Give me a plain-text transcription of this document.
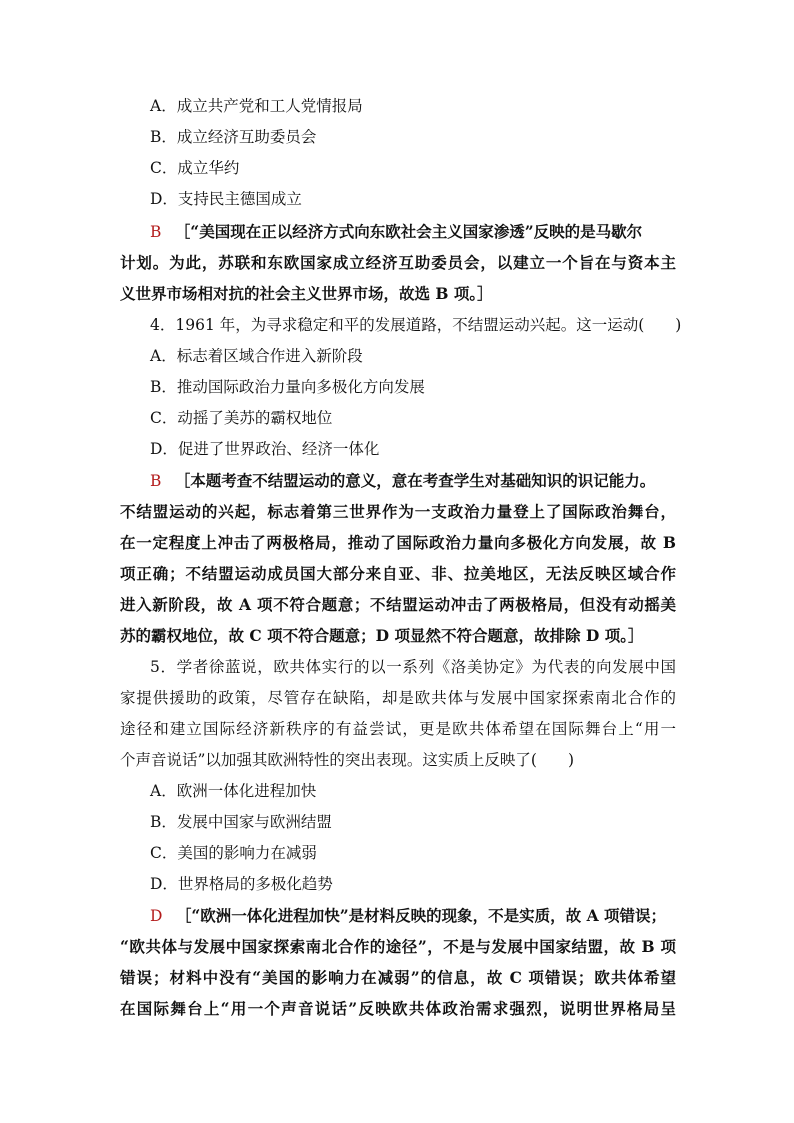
A．成立共产党和工人党情报局
B．成立经济互助委员会
C．成立华约
D．支持民主德国成立
B ［“美国现在正以经济方式向东欧社会主义国家渗透”反映的是马歇尔
计划。为此，苏联和东欧国家成立经济互助委员会，以建立一个旨在与资本主
义世界市场相对抗的社会主义世界市场，故选 B 项。］
4．1961 年，为寻求稳定和平的发展道路，不结盟运动兴起。这一运动(　　)
A．标志着区域合作进入新阶段
B．推动国际政治力量向多极化方向发展
C．动摇了美苏的霸权地位
D．促进了世界政治、经济一体化
B ［本题考查不结盟运动的意义，意在考查学生对基础知识的识记能力。
不结盟运动的兴起，标志着第三世界作为一支政治力量登上了国际政治舞台，
在一定程度上冲击了两极格局，推动了国际政治力量向多极化方向发展，故 B
项正确；不结盟运动成员国大部分来自亚、非、拉美地区，无法反映区域合作
进入新阶段，故 A 项不符合题意；不结盟运动冲击了两极格局，但没有动摇美
苏的霸权地位，故 C 项不符合题意；D 项显然不符合题意，故排除 D 项。］
5．学者徐蓝说，欧共体实行的以一系列《洛美协定》为代表的向发展中国
家提供援助的政策，尽管存在缺陷，却是欧共体与发展中国家探索南北合作的
途径和建立国际经济新秩序的有益尝试，更是欧共体希望在国际舞台上“用一
个声音说话”以加强其欧洲特性的突出表现。这实质上反映了(　　)
A．欧洲一体化进程加快
B．发展中国家与欧洲结盟
C．美国的影响力在减弱
D．世界格局的多极化趋势
D ［“欧洲一体化进程加快”是材料反映的现象，不是实质，故 A 项错误；
“欧共体与发展中国家探索南北合作的途径”，不是与发展中国家结盟，故 B 项
错误；材料中没有“美国的影响力在减弱”的信息，故 C 项错误；欧共体希望
在国际舞台上“用一个声音说话”反映欧共体政治需求强烈，说明世界格局呈
